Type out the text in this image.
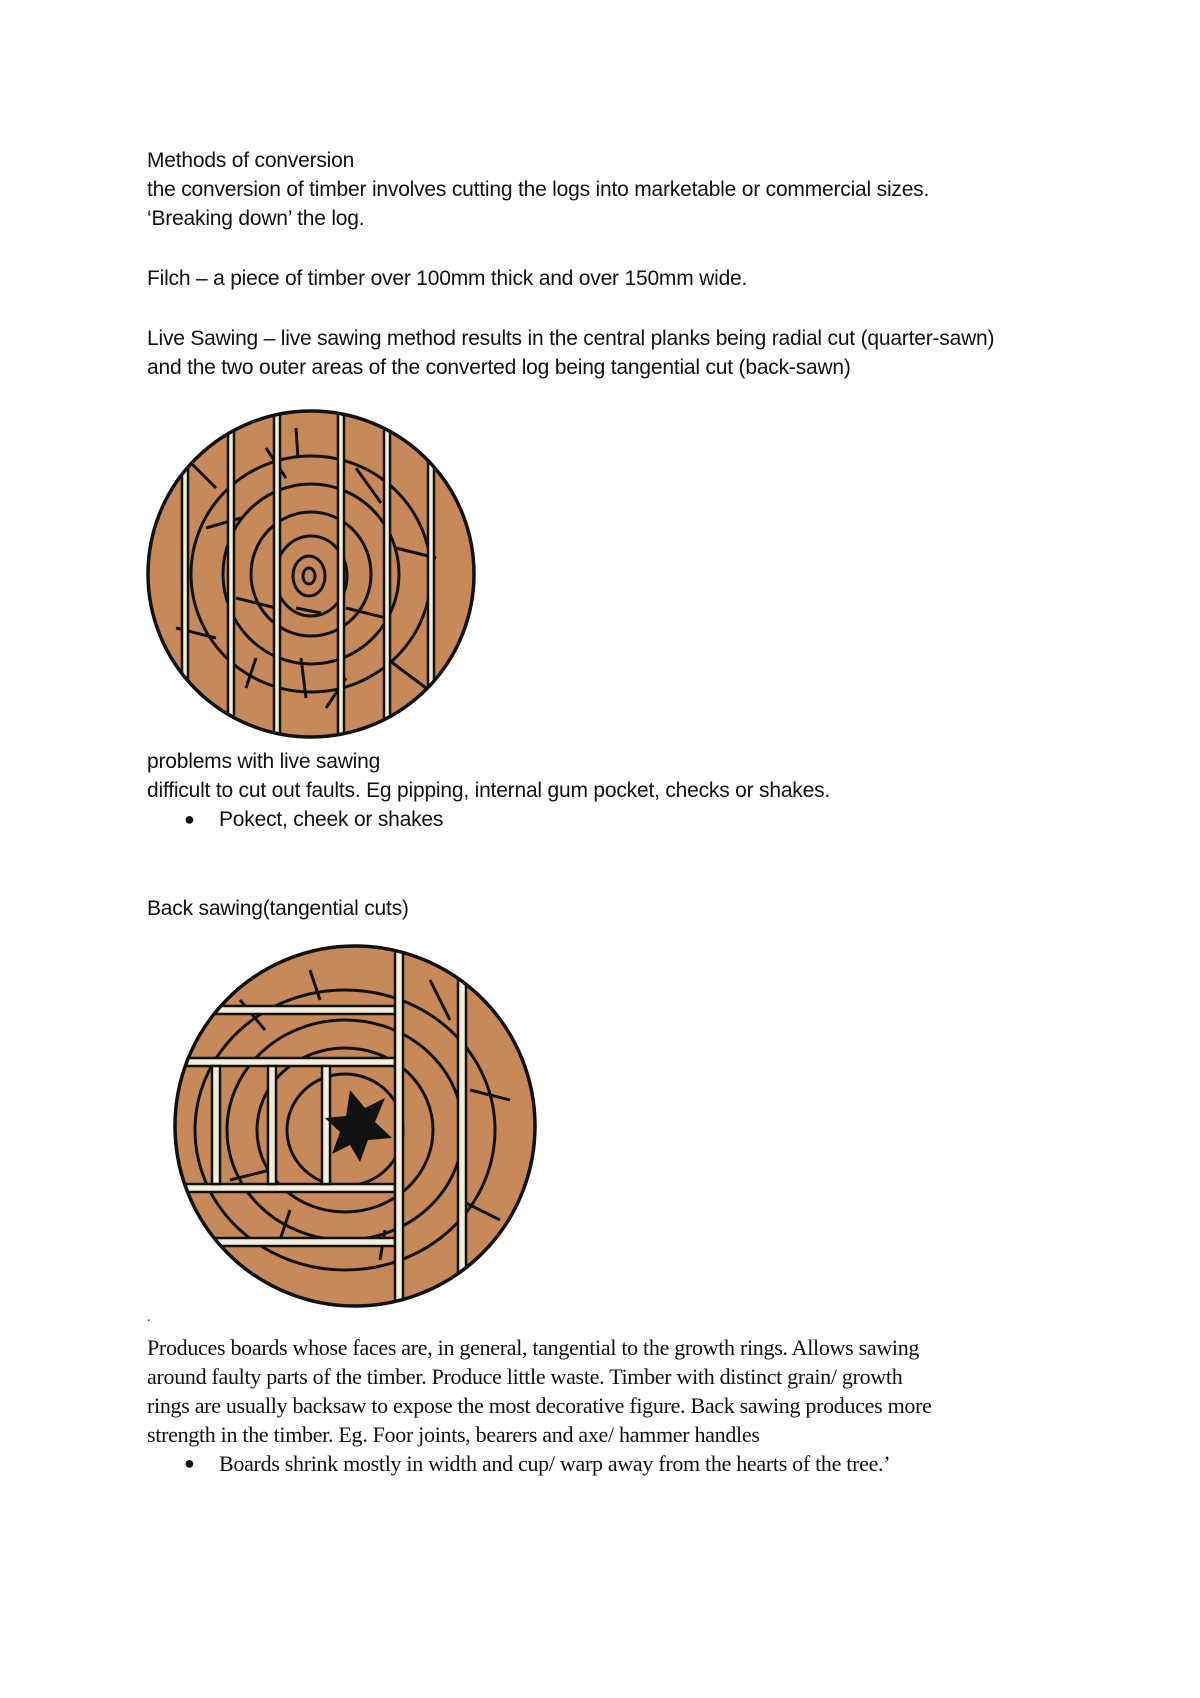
Methods of conversion
the conversion of timber involves cutting the logs into marketable or commercial sizes.
‘Breaking down’ the log.
Filch – a piece of timber over 100mm thick and over 150mm wide.
Live Sawing – live sawing method results in the central planks being radial cut (quarter-sawn)
and the two outer areas of the converted log being tangential cut (back-sawn)
problems with live sawing
difficult to cut out faults. Eg pipping, internal gum pocket, checks or shakes.
● Pokect, cheek or shakes
Back sawing(tangential cuts)
.
Produces boards whose faces are, in general, tangential to the growth rings. Allows sawing
around faulty parts of the timber. Produce little waste. Timber with distinct grain/ growth
rings are usually backsaw to expose the most decorative figure. Back sawing produces more
strength in the timber. Eg. Foor joints, bearers and axe/ hammer handles
● Boards shrink mostly in width and cup/ warp away from the hearts of the tree.’
